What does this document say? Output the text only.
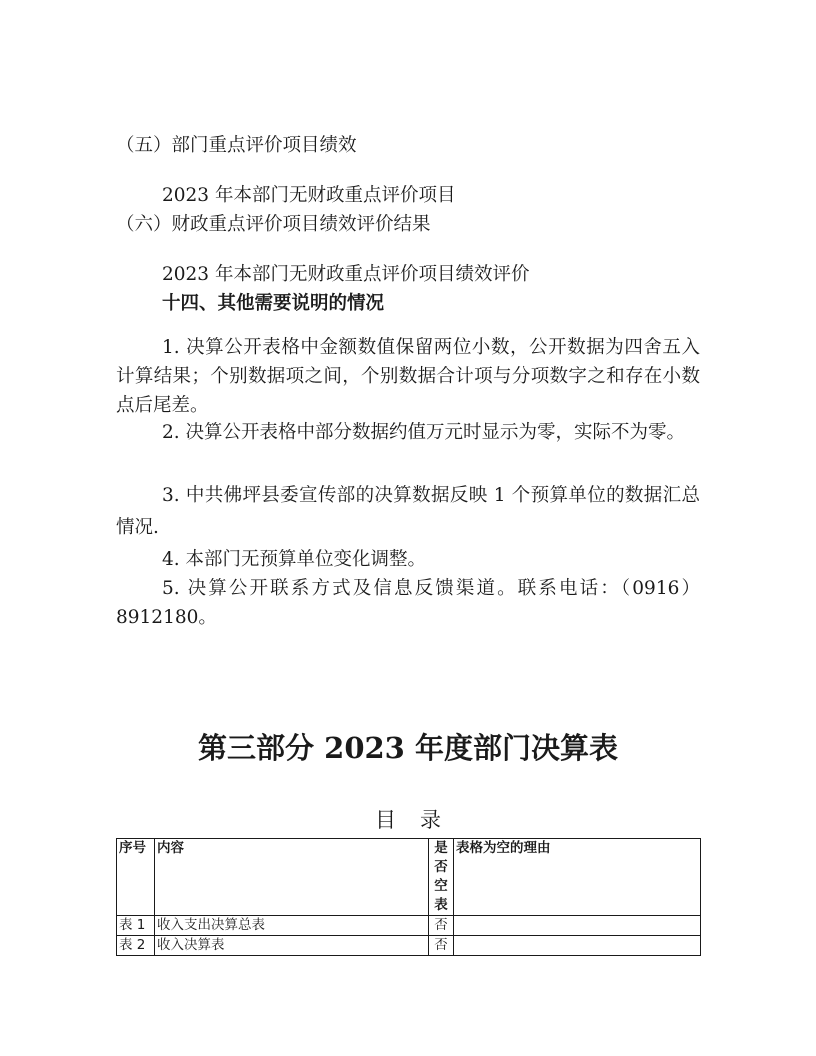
（五）部门重点评价项目绩效
2023 年本部门无财政重点评价项目
（六）财政重点评价项目绩效评价结果
2023 年本部门无财政重点评价项目绩效评价
十四、其他需要说明的情况
1. 决算公开表格中金额数值保留两位小数，公开数据为四舍五入计算结果；个别数据项之间，个别数据合计项与分项数字之和存在小数点后尾差。
2. 决算公开表格中部分数据约值万元时显示为零，实际不为零。
3. 中共佛坪县委宣传部的决算数据反映 1 个预算单位的数据汇总情况.
4. 本部门无预算单位变化调整。
5. 决算公开联系方式及信息反馈渠道。联系电话：（0916）8912180。
第三部分 2023 年度部门决算表
目录
序号	内容	是否空表	表格为空的理由
表 1	收入支出决算总表	否	
表 2	收入决算表	否	
